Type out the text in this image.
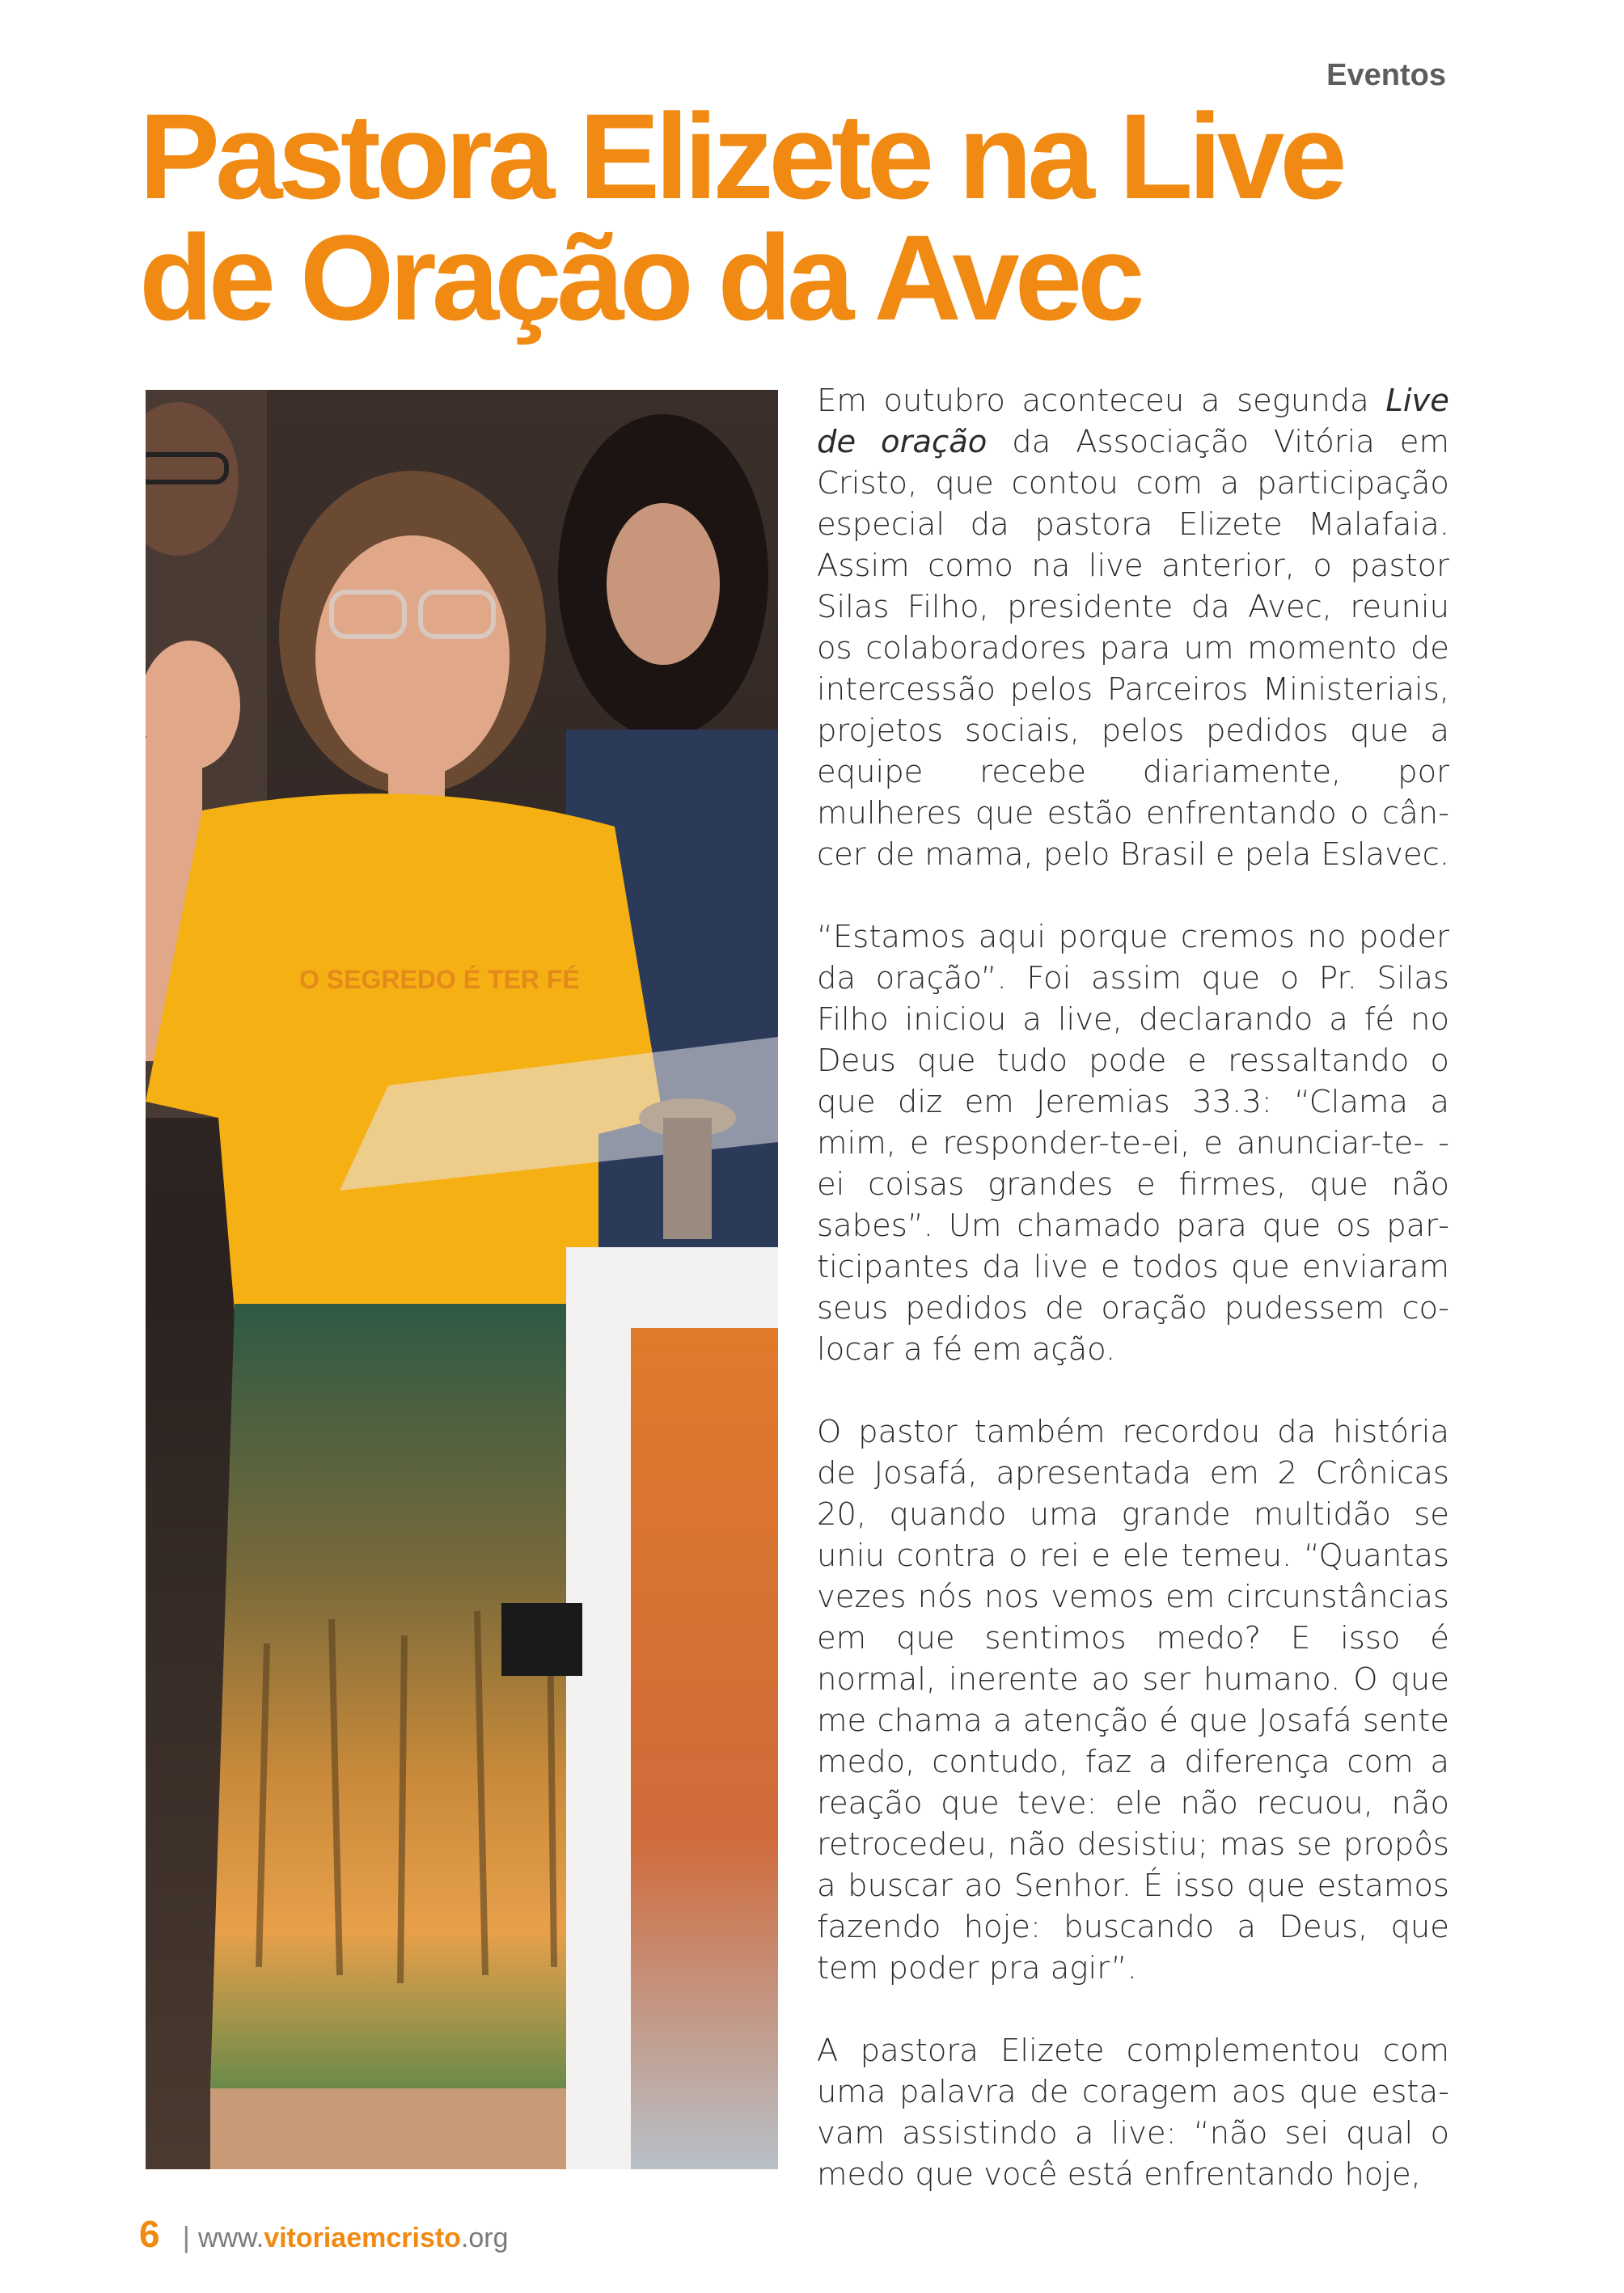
Eventos
Pastora Elizete na Live
de Oração da Avec
O SEGREDO É TER FÉ

Em outubro aconteceu a segunda Live de oração da Associação Vitória em Cristo, que contou com a participação especial da pastora Elizete Malafaia. Assim como na live anterior, o pastor Silas Filho, presidente da Avec, reuniu os colaboradores para um momento de intercessão pelos Parceiros Ministeriais, projetos sociais, pelos pedidos que a equipe recebe diariamente, por mulheres que estão enfrentando o câncer de mama, pelo Brasil e pela Eslavec.

“Estamos aqui porque cremos no poder da oração”. Foi assim que o Pr. Silas Filho iniciou a live, declarando a fé no Deus que tudo pode e ressaltando o que diz em Jeremias 33.3: “Clama a mim, e responder-te-ei, e anunciar-te- -ei coisas grandes e firmes, que não sabes”. Um chamado para que os participantes da live e todos que enviaram seus pedidos de oração pudessem colocar a fé em ação.

O pastor também recordou da história de Josafá, apresentada em 2 Crônicas 20, quando uma grande multidão se uniu contra o rei e ele temeu. “Quantas vezes nós nos vemos em circunstâncias em que sentimos medo? E isso é normal, inerente ao ser humano. O que me chama a atenção é que Josafá sente medo, contudo, faz a diferença com a reação que teve: ele não recuou, não retrocedeu, não desistiu; mas se propôs a buscar ao Senhor. É isso que estamos fazendo hoje: buscando a Deus, que tem poder pra agir”.

A pastora Elizete complementou com uma palavra de coragem aos que estavam assistindo a live: “não sei qual o medo que você está enfrentando hoje,

6 | www.vitoriaemcristo.org
